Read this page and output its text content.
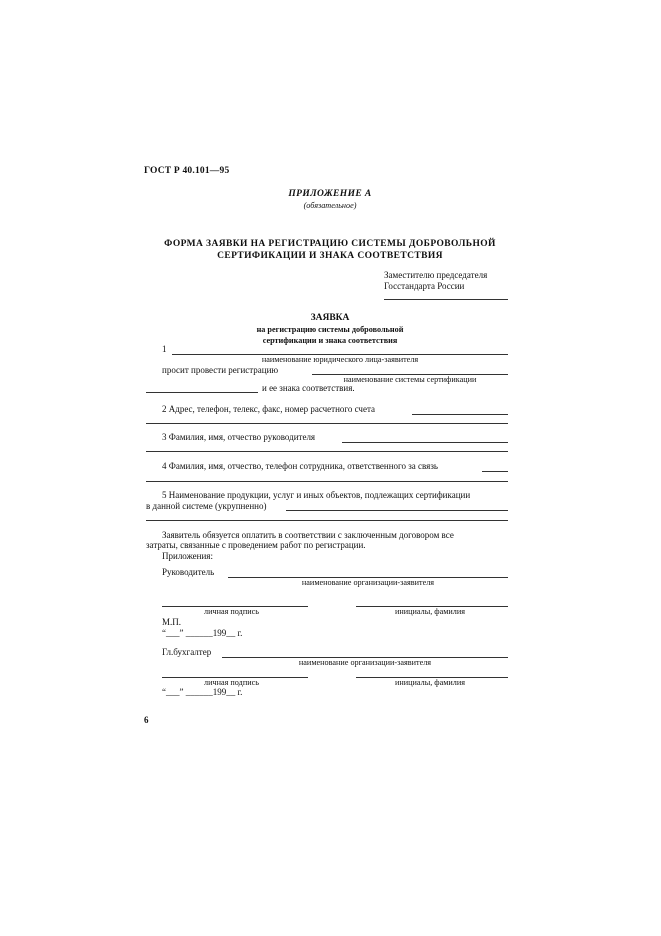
ГОСТ Р 40.101—95
ПРИЛОЖЕНИЕ А
(обязательное)
ФОРМА ЗАЯВКИ НА РЕГИСТРАЦИЮ СИСТЕМЫ ДОБРОВОЛЬНОЙ
СЕРТИФИКАЦИИ И ЗНАКА СООТВЕТСТВИЯ
Заместителю председателя
Госстандарта России
ЗАЯВКА
на регистрацию системы добровольной
сертификации и знака соответствия
1
наименование юридического лица-заявителя
просит провести регистрацию
наименование системы сертификации
и ее знака соответствия.
2 Адрес, телефон, телекс, факс, номер расчетного счета
3 Фамилия, имя, отчество руководителя
4 Фамилия, имя, отчество, телефон сотрудника, ответственного за связь
5 Наименование продукции, услуг и иных объектов, подлежащих сертификации
в данной системе (укрупненно)
Заявитель обязуется оплатить в соответствии с заключенным договором все
затраты, связанные с проведением работ по регистрации.
Приложения:
Руководитель
наименование организации-заявителя
личная подпись	инициалы, фамилия
М.П.
“___” ______199__ г.
Гл.бухгалтер
наименование организации-заявителя
личная подпись	инициалы, фамилия
“___” ______199__ г.
6
